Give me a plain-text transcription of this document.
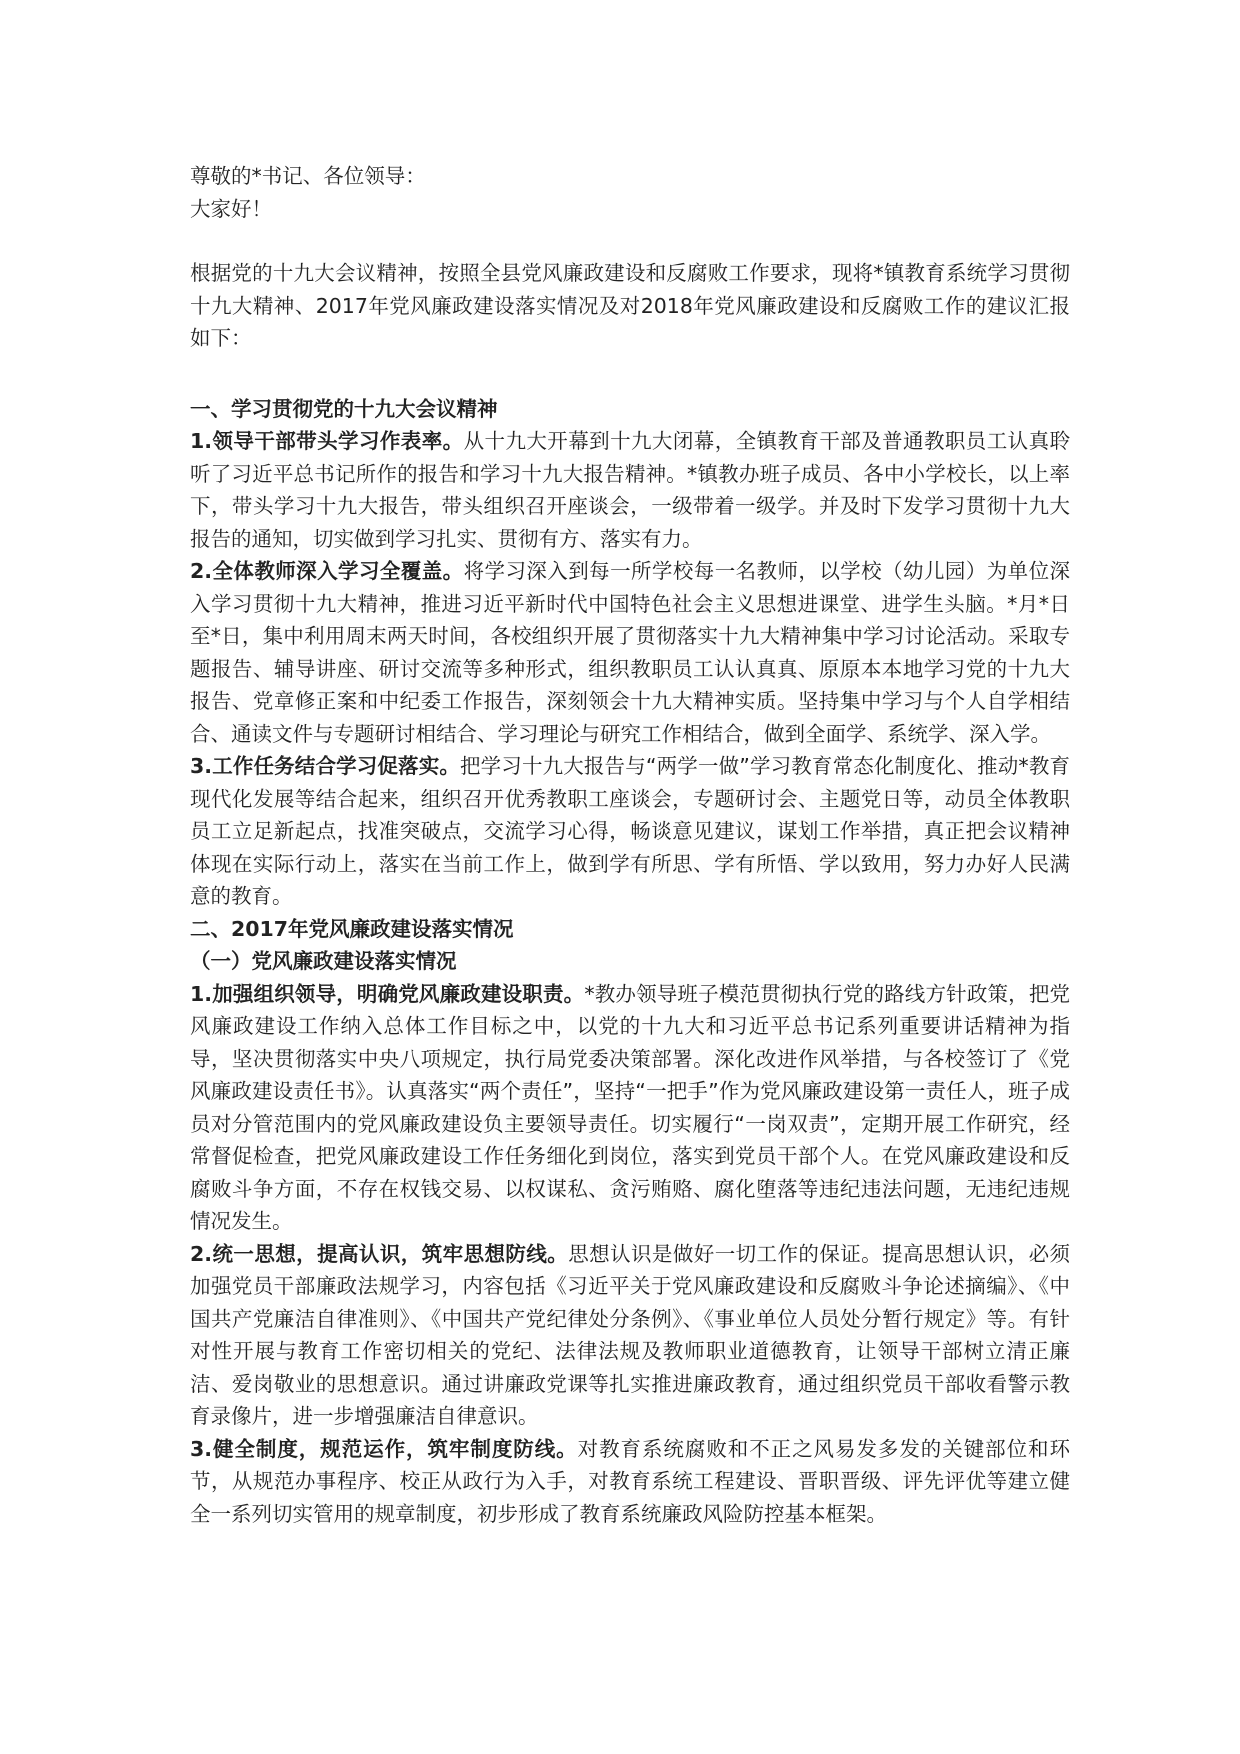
尊敬的*书记、各位领导：

大家好！

根据党的十九大会议精神，按照全县党风廉政建设和反腐败工作要求，现将*镇教育系统学习贯彻十九大精神、2017年党风廉政建设落实情况及对2018年党风廉政建设和反腐败工作的建议汇报如下：

一、学习贯彻党的十九大会议精神

1.领导干部带头学习作表率。从十九大开幕到十九大闭幕，全镇教育干部及普通教职员工认真聆听了习近平总书记所作的报告和学习十九大报告精神。*镇教办班子成员、各中小学校长，以上率下，带头学习十九大报告，带头组织召开座谈会，一级带着一级学。并及时下发学习贯彻十九大报告的通知，切实做到学习扎实、贯彻有方、落实有力。

2.全体教师深入学习全覆盖。将学习深入到每一所学校每一名教师，以学校（幼儿园）为单位深入学习贯彻十九大精神，推进习近平新时代中国特色社会主义思想进课堂、进学生头脑。*月*日至*日，集中利用周末两天时间，各校组织开展了贯彻落实十九大精神集中学习讨论活动。采取专题报告、辅导讲座、研讨交流等多种形式，组织教职员工认认真真、原原本本地学习党的十九大报告、党章修正案和中纪委工作报告，深刻领会十九大精神实质。坚持集中学习与个人自学相结合、通读文件与专题研讨相结合、学习理论与研究工作相结合，做到全面学、系统学、深入学。

3.工作任务结合学习促落实。把学习十九大报告与“两学一做”学习教育常态化制度化、推动*教育现代化发展等结合起来，组织召开优秀教职工座谈会，专题研讨会、主题党日等，动员全体教职员工立足新起点，找准突破点，交流学习心得，畅谈意见建议，谋划工作举措，真正把会议精神体现在实际行动上，落实在当前工作上，做到学有所思、学有所悟、学以致用，努力办好人民满意的教育。

二、2017年党风廉政建设落实情况

（一）党风廉政建设落实情况

1.加强组织领导，明确党风廉政建设职责。*教办领导班子模范贯彻执行党的路线方针政策，把党风廉政建设工作纳入总体工作目标之中，以党的十九大和习近平总书记系列重要讲话精神为指导，坚决贯彻落实中央八项规定，执行局党委决策部署。深化改进作风举措，与各校签订了《党风廉政建设责任书》。认真落实“两个责任”，坚持“一把手”作为党风廉政建设第一责任人，班子成员对分管范围内的党风廉政建设负主要领导责任。切实履行“一岗双责”，定期开展工作研究，经常督促检查，把党风廉政建设工作任务细化到岗位，落实到党员干部个人。在党风廉政建设和反腐败斗争方面，不存在权钱交易、以权谋私、贪污贿赂、腐化堕落等违纪违法问题，无违纪违规情况发生。

2.统一思想，提高认识，筑牢思想防线。思想认识是做好一切工作的保证。提高思想认识，必须加强党员干部廉政法规学习，内容包括《习近平关于党风廉政建设和反腐败斗争论述摘编》、《中国共产党廉洁自律准则》、《中国共产党纪律处分条例》、《事业单位人员处分暂行规定》等。有针对性开展与教育工作密切相关的党纪、法律法规及教师职业道德教育，让领导干部树立清正廉洁、爱岗敬业的思想意识。通过讲廉政党课等扎实推进廉政教育，通过组织党员干部收看警示教育录像片，进一步增强廉洁自律意识。

3.健全制度，规范运作，筑牢制度防线。对教育系统腐败和不正之风易发多发的关键部位和环节，从规范办事程序、校正从政行为入手，对教育系统工程建设、晋职晋级、评先评优等建立健全一系列切实管用的规章制度，初步形成了教育系统廉政风险防控基本框架。
